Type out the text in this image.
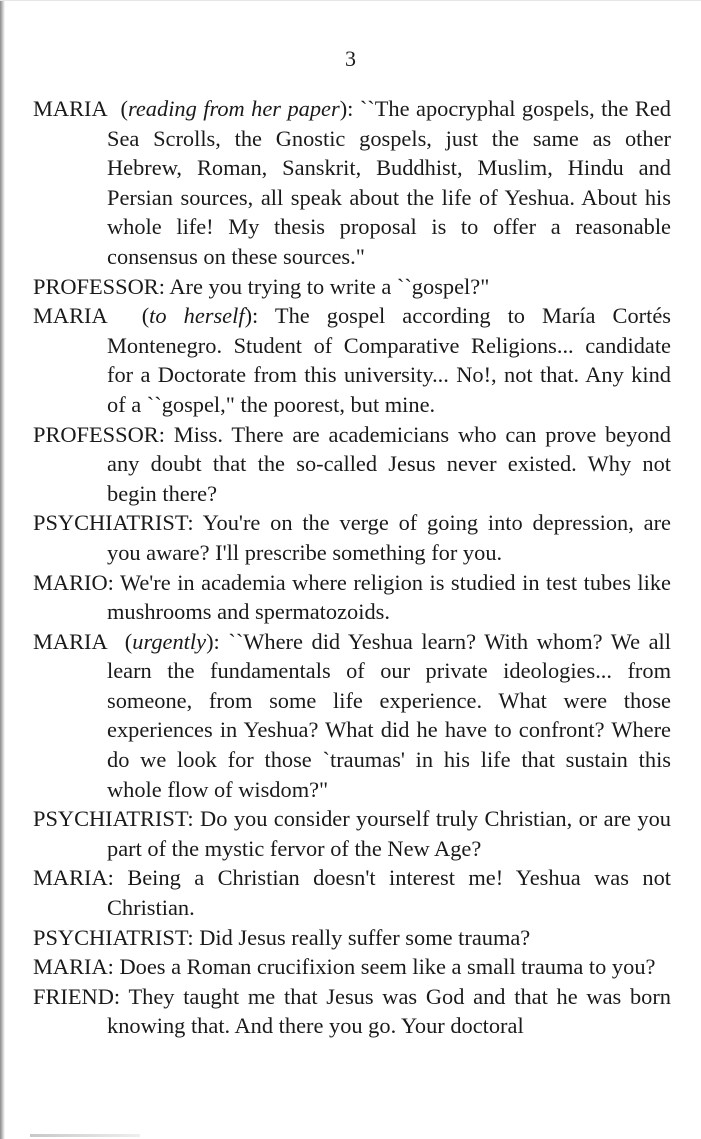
3

MARIA  (reading from her paper): ``The apocryphal gospels, the Red Sea Scrolls, the Gnostic gospels, just the same as other Hebrew, Roman, Sanskrit, Buddhist, Muslim, Hindu and Persian sources, all speak about the life of Yeshua. About his whole life! My thesis proposal is to offer a reasonable consensus on these sources."

PROFESSOR: Are you trying to write a ``gospel?"

MARIA  (to herself): The gospel according to María Cortés Montenegro. Student of Comparative Religions... candidate for a Doctorate from this university... No!, not that. Any kind of a ``gospel," the poorest, but mine.

PROFESSOR: Miss. There are academicians who can prove beyond any doubt that the so-called Jesus never existed. Why not begin there?

PSYCHIATRIST: You're on the verge of going into depression, are you aware? I'll prescribe something for you.

MARIO: We're in academia where religion is studied in test tubes like mushrooms and spermatozoids.

MARIA  (urgently): ``Where did Yeshua learn? With whom? We all learn the fundamentals of our private ideologies... from someone, from some life experience. What were those experiences in Yeshua? What did he have to confront? Where do we look for those `traumas' in his life that sustain this whole flow of wisdom?"

PSYCHIATRIST: Do you consider yourself truly Christian, or are you part of the mystic fervor of the New Age?

MARIA: Being a Christian doesn't interest me! Yeshua was not Christian.

PSYCHIATRIST: Did Jesus really suffer some trauma?

MARIA: Does a Roman crucifixion seem like a small trauma to you?

FRIEND: They taught me that Jesus was God and that he was born knowing that. And there you go. Your doctoral
